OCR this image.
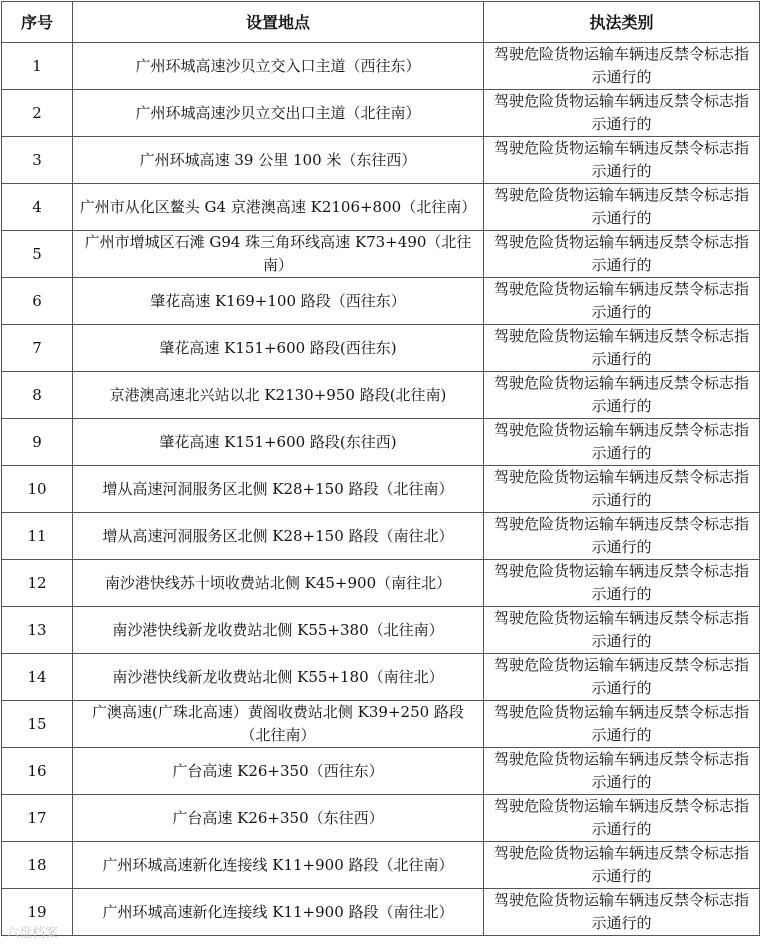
序号	设置地点	执法类别
1	广州环城高速沙贝立交入口主道（西往东）	驾驶危险货物运输车辆违反禁令标志指示通行的
2	广州环城高速沙贝立交出口主道（北往南）	驾驶危险货物运输车辆违反禁令标志指示通行的
3	广州环城高速 39 公里 100 米（东往西）	驾驶危险货物运输车辆违反禁令标志指示通行的
4	广州市从化区鳌头 G4 京港澳高速 K2106+800（北往南）	驾驶危险货物运输车辆违反禁令标志指示通行的
5	广州市增城区石滩 G94 珠三角环线高速 K73+490（北往南）	驾驶危险货物运输车辆违反禁令标志指示通行的
6	肇花高速 K169+100 路段（西往东）	驾驶危险货物运输车辆违反禁令标志指示通行的
7	肇花高速 K151+600 路段(西往东)	驾驶危险货物运输车辆违反禁令标志指示通行的
8	京港澳高速北兴站以北 K2130+950 路段(北往南)	驾驶危险货物运输车辆违反禁令标志指示通行的
9	肇花高速 K151+600 路段(东往西)	驾驶危险货物运输车辆违反禁令标志指示通行的
10	增从高速河洞服务区北侧 K28+150 路段（北往南）	驾驶危险货物运输车辆违反禁令标志指示通行的
11	增从高速河洞服务区北侧 K28+150 路段（南往北）	驾驶危险货物运输车辆违反禁令标志指示通行的
12	南沙港快线苏十顷收费站北侧 K45+900（南往北）	驾驶危险货物运输车辆违反禁令标志指示通行的
13	南沙港快线新龙收费站北侧 K55+380（北往南）	驾驶危险货物运输车辆违反禁令标志指示通行的
14	南沙港快线新龙收费站北侧 K55+180（南往北）	驾驶危险货物运输车辆违反禁令标志指示通行的
15	广澳高速(广珠北高速）黄阁收费站北侧 K39+250 路段（北往南）	驾驶危险货物运输车辆违反禁令标志指示通行的
16	广台高速 K26+350（西往东）	驾驶危险货物运输车辆违反禁令标志指示通行的
17	广台高速 K26+350（东往西）	驾驶危险货物运输车辆违反禁令标志指示通行的
18	广州环城高速新化连接线 K11+900 路段（北往南）	驾驶危险货物运输车辆违反禁令标志指示通行的
19	广州环城高速新化连接线 K11+900 路段（南往北）	驾驶危险货物运输车辆违反禁令标志指示通行的
六盘档案
